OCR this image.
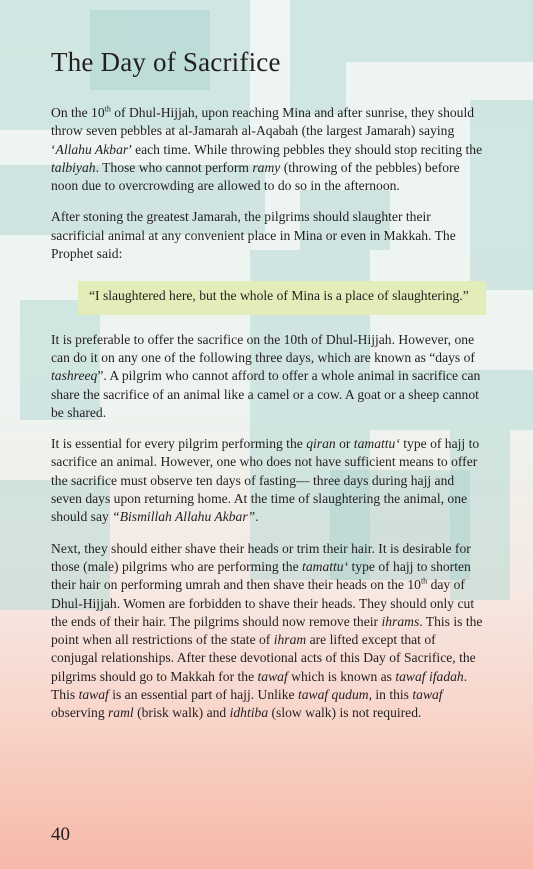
The Day of Sacrifice

On the 10th of Dhul-Hijjah, upon reaching Mina and after sunrise, they should throw seven pebbles at al-Jamarah al-Aqabah (the largest Jamarah) saying ‘Allahu Akbar’ each time. While throwing pebbles they should stop reciting the talbiyah. Those who cannot perform ramy (throwing of the pebbles) before noon due to overcrowding are allowed to do so in the afternoon.

After stoning the greatest Jamarah, the pilgrims should slaughter their sacrificial animal at any convenient place in Mina or even in Makkah. The Prophet said:

“I slaughtered here, but the whole of Mina is a place of slaughtering.”

It is preferable to offer the sacrifice on the 10th of Dhul-Hijjah. However, one can do it on any one of the following three days, which are known as “days of tashreeq”. A pilgrim who cannot afford to offer a whole animal in sacrifice can share the sacrifice of an animal like a camel or a cow. A goat or a sheep cannot be shared.

It is essential for every pilgrim performing the qiran or tamattu‘ type of hajj to sacrifice an animal. However, one who does not have sufficient means to offer the sacrifice must observe ten days of fasting— three days during hajj and seven days upon returning home. At the time of slaughtering the animal, one should say “Bismillah Allahu Akbar”.

Next, they should either shave their heads or trim their hair. It is desirable for those (male) pilgrims who are performing the tamattu‘ type of hajj to shorten their hair on performing umrah and then shave their heads on the 10th day of Dhul-Hijjah. Women are forbidden to shave their heads. They should only cut the ends of their hair. The pilgrims should now remove their ihrams. This is the point when all restrictions of the state of ihram are lifted except that of conjugal relationships. After these devotional acts of this Day of Sacrifice, the pilgrims should go to Makkah for the tawaf which is known as tawaf ifadah. This tawaf is an essential part of hajj. Unlike tawaf qudum, in this tawaf observing raml (brisk walk) and idhtiba (slow walk) is not required.

40
